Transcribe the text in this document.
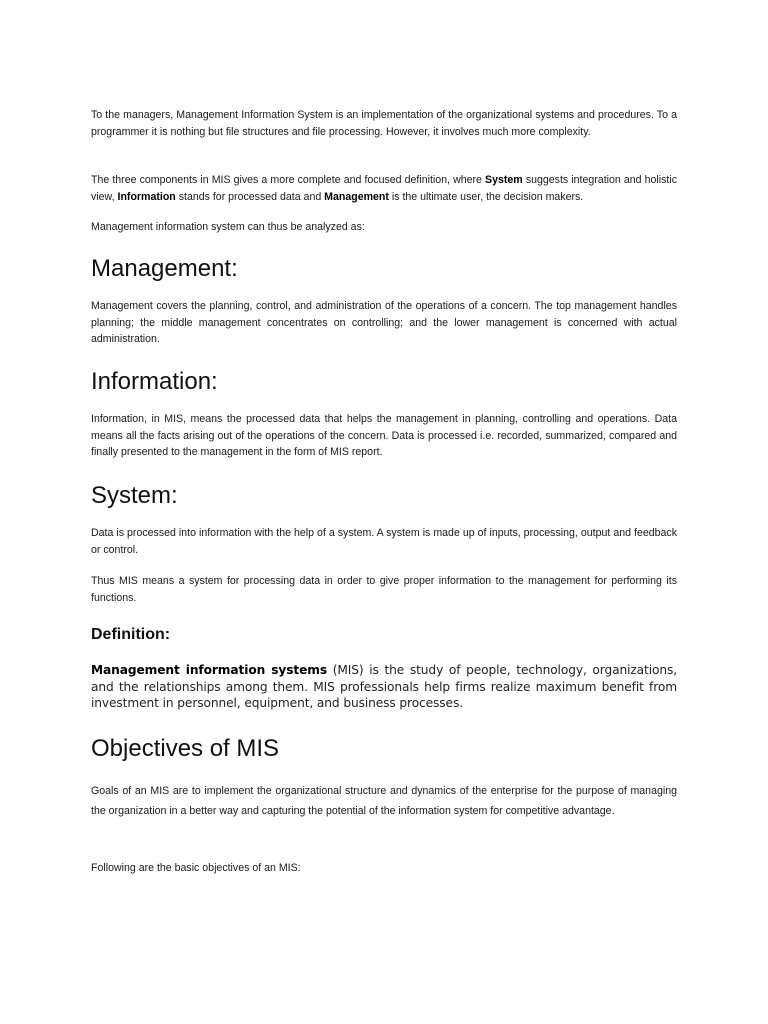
To the managers, Management Information System is an implementation of the organizational systems and procedures. To a programmer it is nothing but file structures and file processing. However, it involves much more complexity.

The three components in MIS gives a more complete and focused definition, where System suggests integration and holistic view, Information stands for processed data and Management is the ultimate user, the decision makers.

Management information system can thus be analyzed as:

Management:

Management covers the planning, control, and administration of the operations of a concern. The top management handles planning; the middle management concentrates on controlling; and the lower management is concerned with actual administration.

Information:

Information, in MIS, means the processed data that helps the management in planning, controlling and operations. Data means all the facts arising out of the operations of the concern. Data is processed i.e. recorded, summarized, compared and finally presented to the management in the form of MIS report.

System:

Data is processed into information with the help of a system. A system is made up of inputs, processing, output and feedback or control.

Thus MIS means a system for processing data in order to give proper information to the management for performing its functions.

Definition:

Management information systems (MIS) is the study of people, technology, organizations, and the relationships among them. MIS professionals help firms realize maximum benefit from investment in personnel, equipment, and business processes.

Objectives of MIS

Goals of an MIS are to implement the organizational structure and dynamics of the enterprise for the purpose of managing the organization in a better way and capturing the potential of the information system for competitive advantage.

Following are the basic objectives of an MIS:
